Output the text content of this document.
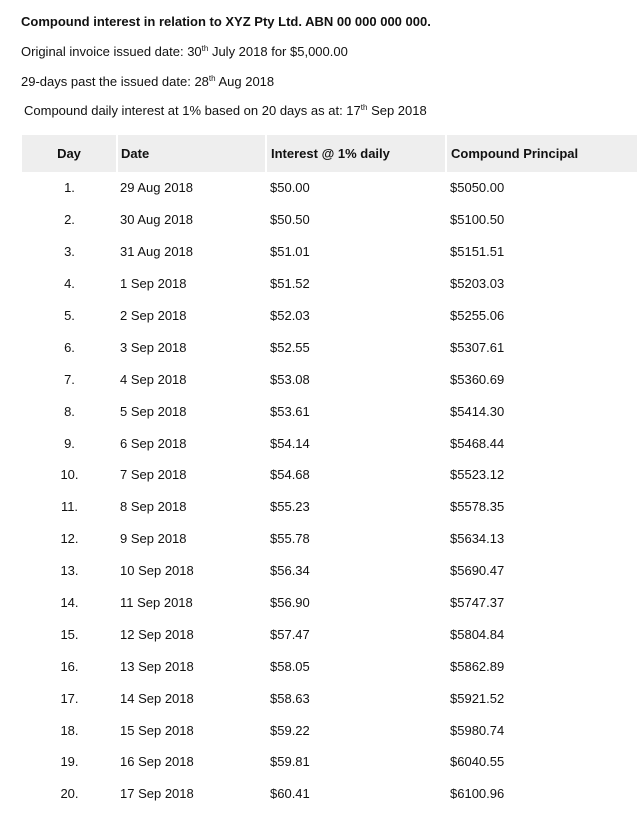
Compound interest in relation to XYZ Pty Ltd. ABN 00 000 000 000.
Original invoice issued date: 30th July 2018 for $5,000.00
29-days past the issued date: 28th Aug 2018
Compound daily interest at 1% based on 20 days as at: 17th Sep 2018
Day	Date	Interest @ 1% daily	Compound Principal
1.	29 Aug 2018	$50.00	$5050.00
2.	30 Aug 2018	$50.50	$5100.50
3.	31 Aug 2018	$51.01	$5151.51
4.	1 Sep 2018	$51.52	$5203.03
5.	2 Sep 2018	$52.03	$5255.06
6.	3 Sep 2018	$52.55	$5307.61
7.	4 Sep 2018	$53.08	$5360.69
8.	5 Sep 2018	$53.61	$5414.30
9.	6 Sep 2018	$54.14	$5468.44
10.	7 Sep 2018	$54.68	$5523.12
11.	8 Sep 2018	$55.23	$5578.35
12.	9 Sep 2018	$55.78	$5634.13
13.	10 Sep 2018	$56.34	$5690.47
14.	11 Sep 2018	$56.90	$5747.37
15.	12 Sep 2018	$57.47	$5804.84
16.	13 Sep 2018	$58.05	$5862.89
17.	14 Sep 2018	$58.63	$5921.52
18.	15 Sep 2018	$59.22	$5980.74
19.	16 Sep 2018	$59.81	$6040.55
20.	17 Sep 2018	$60.41	$6100.96
